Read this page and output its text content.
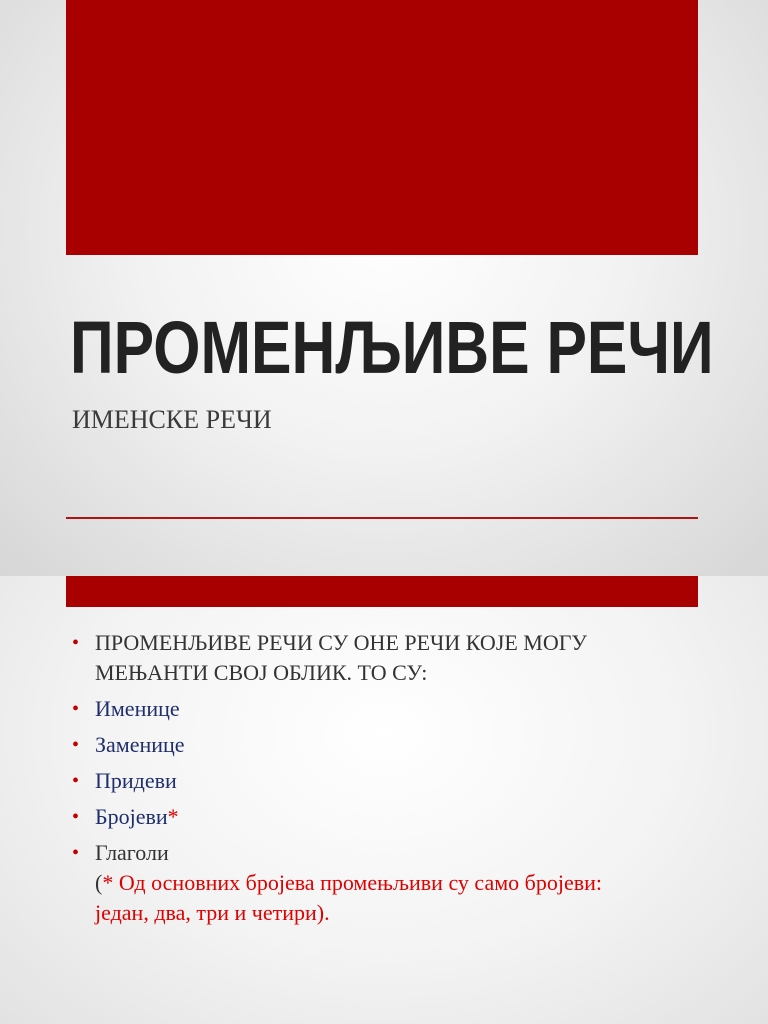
ПРОМЕНЉИВЕ РЕЧИ
ИМЕНСКЕ РЕЧИ
• ПРОМЕНЉИВЕ РЕЧИ СУ ОНЕ РЕЧИ КОЈЕ МОГУ
МЕЊАНТИ СВОЈ ОБЛИК. ТО СУ:
• Именице
• Заменице
• Придеви
• Бројеви*
• Глаголи
(* Од основних бројева промењљиви су само бројеви:
један, два, три и четири).
